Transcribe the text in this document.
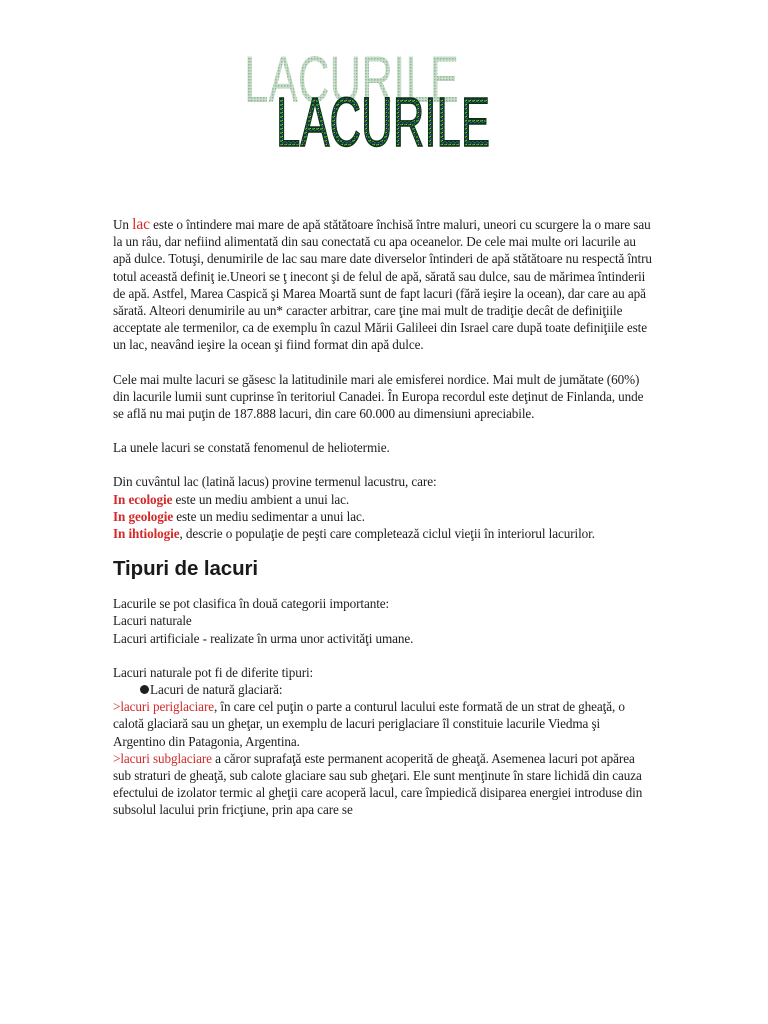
LACURILE
LACURILE

Un lac este o întindere mai mare de apă stătătoare închisă între maluri, uneori cu scurgere la o mare sau la un râu, dar nefiind alimentată din sau conectată cu apa oceanelor. De cele mai multe ori lacurile au apă dulce. Totuşi, denumirile de lac sau mare date diverselor întinderi de apă stătătoare nu respectă întru totul această definiţ ie.Uneori se ţ inecont şi de felul de apă, sărată sau dulce, sau de mărimea întinderii de apă. Astfel, Marea Caspică şi Marea Moartă sunt de fapt lacuri (fără ieşire la ocean), dar care au apă sărată. Alteori denumirile au un* caracter arbitrar, care ţine mai mult de tradiţie decât de definiţiile acceptate ale termenilor, ca de exemplu în cazul Mării Galileei din Israel care după toate definiţiile este un lac, neavând ieşire la ocean şi fiind format din apă dulce.

Cele mai multe lacuri se găsesc la latitudinile mari ale emisferei nordice. Mai mult de jumătate (60%) din lacurile lumii sunt cuprinse în teritoriul Canadei. În Europa recordul este deţinut de Finlanda, unde se află nu mai puţin de 187.888 lacuri, din care 60.000 au dimensiuni apreciabile.

La unele lacuri se constată fenomenul de heliotermie.

Din cuvântul lac (latină lacus) provine termenul lacustru, care:

In ecologie este un mediu ambient a unui lac.

In geologie este un mediu sedimentar a unui lac.

In ihtiologie, descrie o populaţie de peşti care completează ciclul vieţii în interiorul lacurilor.

Tipuri de lacuri

Lacurile se pot clasifica în două categorii importante:

Lacuri naturale

Lacuri artificiale - realizate în urma unor activităţi umane.

Lacuri naturale pot fi de diferite tipuri:

Lacuri de natură glaciară:

>lacuri periglaciare, în care cel puţin o parte a conturul lacului este formată de un strat de gheaţă, o calotă glaciară sau un gheţar, un exemplu de lacuri periglaciare îl constituie lacurile Viedma şi Argentino din Patagonia, Argentina.

>lacuri subglaciare a căror suprafaţă este permanent acoperită de gheaţă. Asemenea lacuri pot apărea sub straturi de gheaţă, sub calote glaciare sau sub gheţari. Ele sunt menţinute în stare lichidă din cauza efectului de izolator termic al gheţii care acoperă lacul, care împiedică disiparea energiei introduse din subsolul lacului prin fricţiune, prin apa care se
